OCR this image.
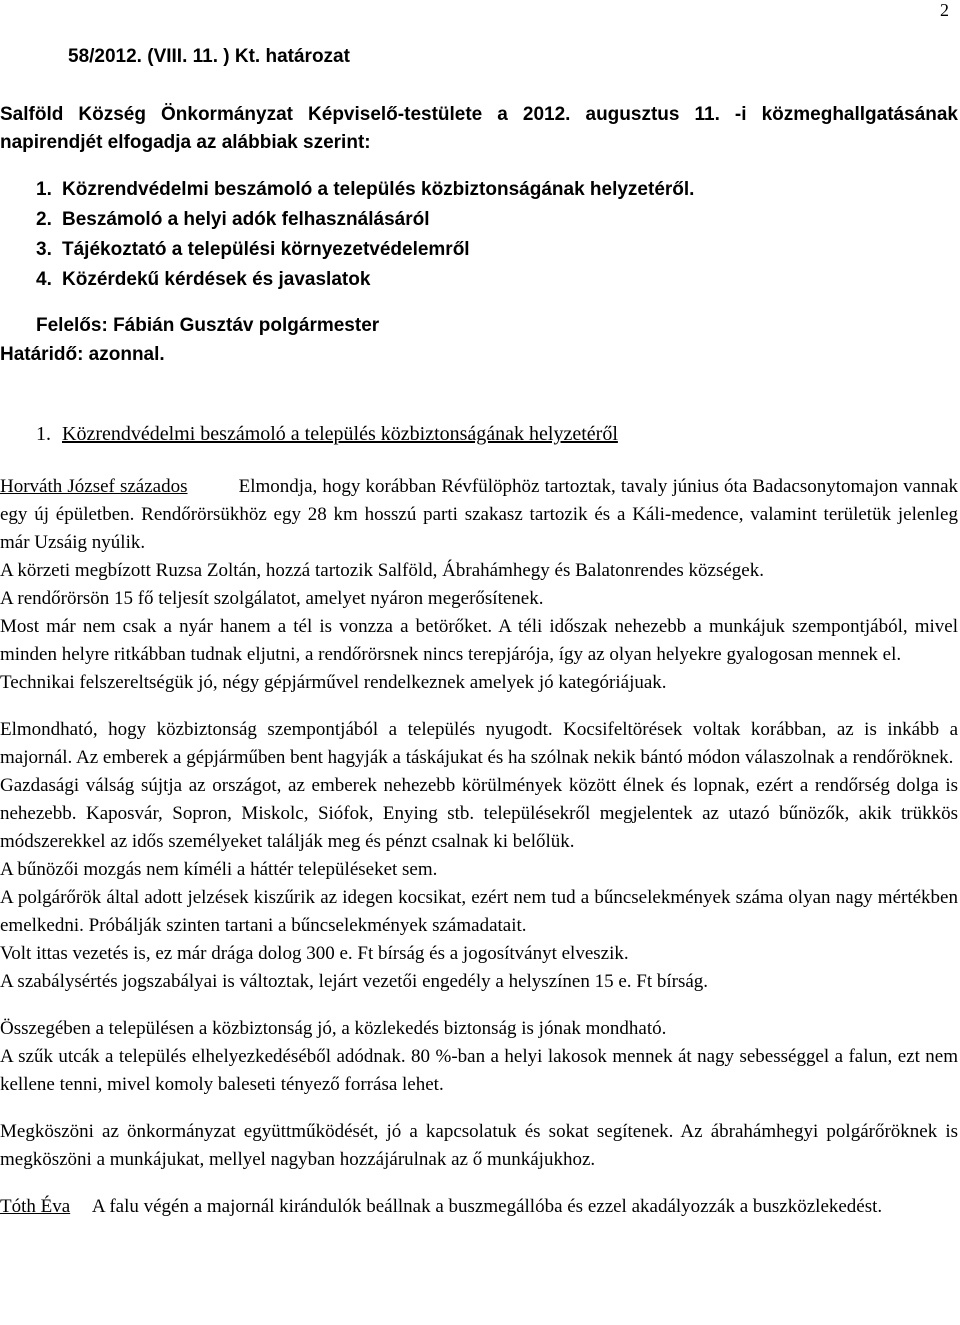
2
58/2012. (VIII. 11. ) Kt. határozat
Salföld Község Önkormányzat Képviselő-testülete a 2012. augusztus 11. -i közmeghallgatásának
napirendjét elfogadja az alábbiak szerint:
1. Közrendvédelmi beszámoló a település közbiztonságának helyzetéről.
2. Beszámoló a helyi adók felhasználásáról
3. Tájékoztató a települési környezetvédelemről
4. Közérdekű kérdések és javaslatok
Felelős: Fábián Gusztáv polgármester
Határidő: azonnal.
1. Közrendvédelmi beszámoló a település közbiztonságának helyzetéről

Horváth József százados	Elmondja, hogy korábban Révfülöphöz tartoztak, tavaly június óta Badacsonytomajon vannak egy új épületben. Rendőrörsükhöz egy 28 km hosszú parti szakasz tartozik és a Káli-medence, valamint területük jelenleg már Uzsáig nyúlik.

A körzeti megbízott Ruzsa Zoltán, hozzá tartozik Salföld, Ábrahámhegy és Balatonrendes községek.

A rendőrörsön 15 fő teljesít szolgálatot, amelyet nyáron megerősítenek.

Most már nem csak a nyár hanem a tél is vonzza a betörőket. A téli időszak nehezebb a munkájuk szempontjából, mivel minden helyre ritkábban tudnak eljutni, a rendőrörsnek nincs terepjárója, így az olyan helyekre gyalogosan mennek el.

Technikai felszereltségük jó, négy gépjárművel rendelkeznek amelyek jó kategóriájuak.

Elmondható, hogy közbiztonság szempontjából a település nyugodt. Kocsifeltörések voltak korábban, az is inkább a majornál. Az emberek a gépjárműben bent hagyják a táskájukat és ha szólnak nekik bántó módon válaszolnak a rendőröknek.

Gazdasági válság sújtja az országot, az emberek nehezebb körülmények között élnek és lopnak, ezért a rendőrség dolga is nehezebb. Kaposvár, Sopron, Miskolc, Siófok, Enying stb. településekről megjelentek az utazó bűnözők, akik trükkös módszerekkel az idős személyeket találják meg és pénzt csalnak ki belőlük.

A bűnözői mozgás nem kíméli a háttér településeket sem.

A polgárőrök által adott jelzések kiszűrik az idegen kocsikat, ezért nem tud a bűncselekmények száma olyan nagy mértékben emelkedni. Próbálják szinten tartani a bűncselekmények számadatait.

Volt ittas vezetés is, ez már drága dolog 300 e. Ft bírság és a jogosítványt elveszik.

A szabálysértés jogszabályai is változtak, lejárt vezetői engedély a helyszínen 15 e. Ft bírság.

Összegében a településen a közbiztonság jó, a közlekedés biztonság is jónak mondható.

A szűk utcák a település elhelyezkedéséből adódnak. 80 %-ban a helyi lakosok mennek át nagy sebességgel a falun, ezt nem kellene tenni, mivel komoly baleseti tényező forrása lehet.

Megköszöni az önkormányzat együttműködését, jó a kapcsolatuk és sokat segítenek. Az ábrahámhegyi polgárőröknek is megköszöni a munkájukat, mellyel nagyban hozzájárulnak az ő munkájukhoz.

Tóth Éva A falu végén a majornál kirándulók beállnak a buszmegállóba és ezzel akadályozzák a buszközlekedést.
